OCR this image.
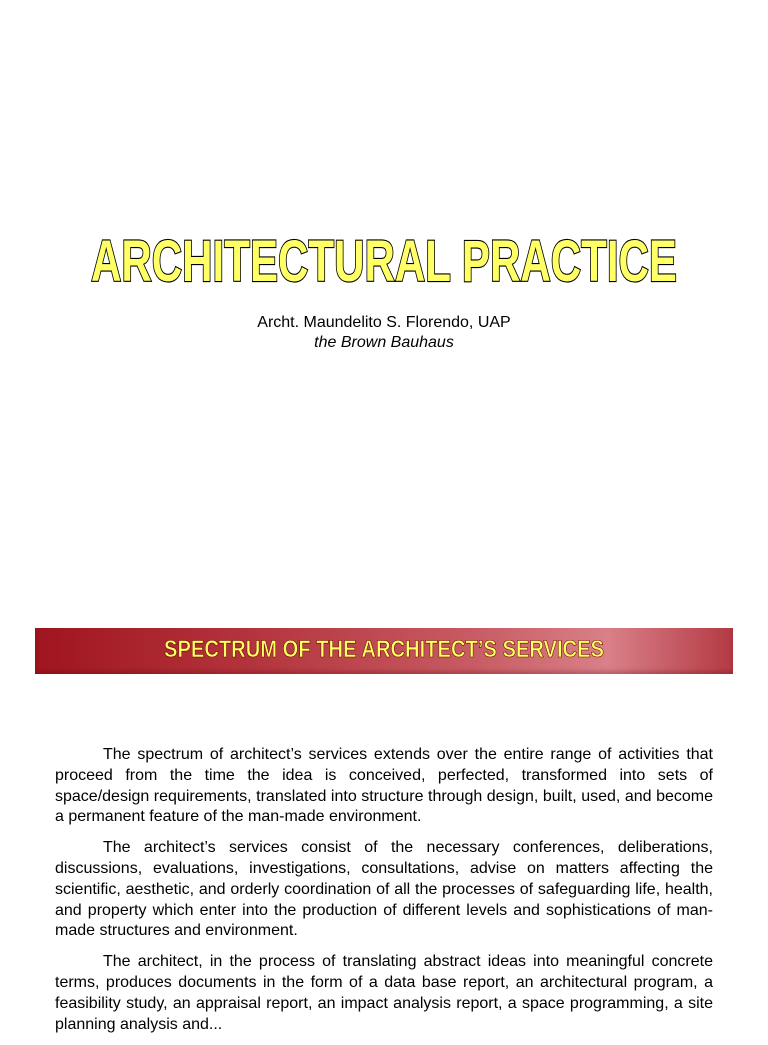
ARCHITECTURAL PRACTICE
Archt. Maundelito S. Florendo, UAP
the Brown Bauhaus
SPECTRUM OF THE ARCHITECT’S SERVICES

The spectrum of architect’s services extends over the entire range of activities that proceed from the time the idea is conceived, perfected, transformed into sets of space/design requirements, translated into structure through design, built, used, and become a permanent feature of the man-made environment.

The architect’s services consist of the necessary conferences, deliberations, discussions, evaluations, investigations, consultations, advise on matters affecting the scientific, aesthetic, and orderly coordination of all the processes of safeguarding life, health, and property which enter into the production of different levels and sophistications of man-made structures and environment.

The architect, in the process of translating abstract ideas into meaningful concrete terms, produces documents in the form of a data base report, an architectural program, a feasibility study, an appraisal report, an impact analysis report, a space programming, a site planning analysis and...
